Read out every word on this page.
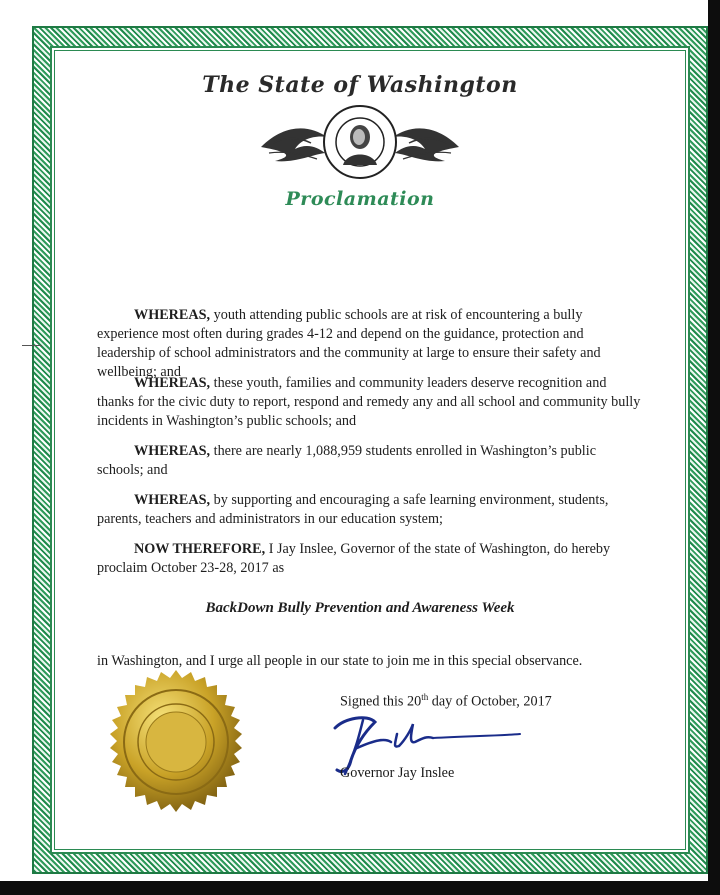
The State of Washington
Proclamation

WHEREAS, youth attending public schools are at risk of encountering a bully experience most often during grades 4-12 and depend on the guidance, protection and leadership of school administrators and the community at large to ensure their safety and wellbeing; and

WHEREAS, these youth, families and community leaders deserve recognition and thanks for the civic duty to report, respond and remedy any and all school and community bully incidents in Washington’s public schools; and

WHEREAS, there are nearly 1,088,959 students enrolled in Washington’s public schools; and

WHEREAS, by supporting and encouraging a safe learning environment, students, parents, teachers and administrators in our education system;

NOW THEREFORE, I Jay Inslee, Governor of the state of Washington, do hereby proclaim October 23-28, 2017 as

BackDown Bully Prevention and Awareness Week
in Washington, and I urge all people in our state to join me in this special observance.
Signed this 20th day of October, 2017
Governor Jay Inslee
